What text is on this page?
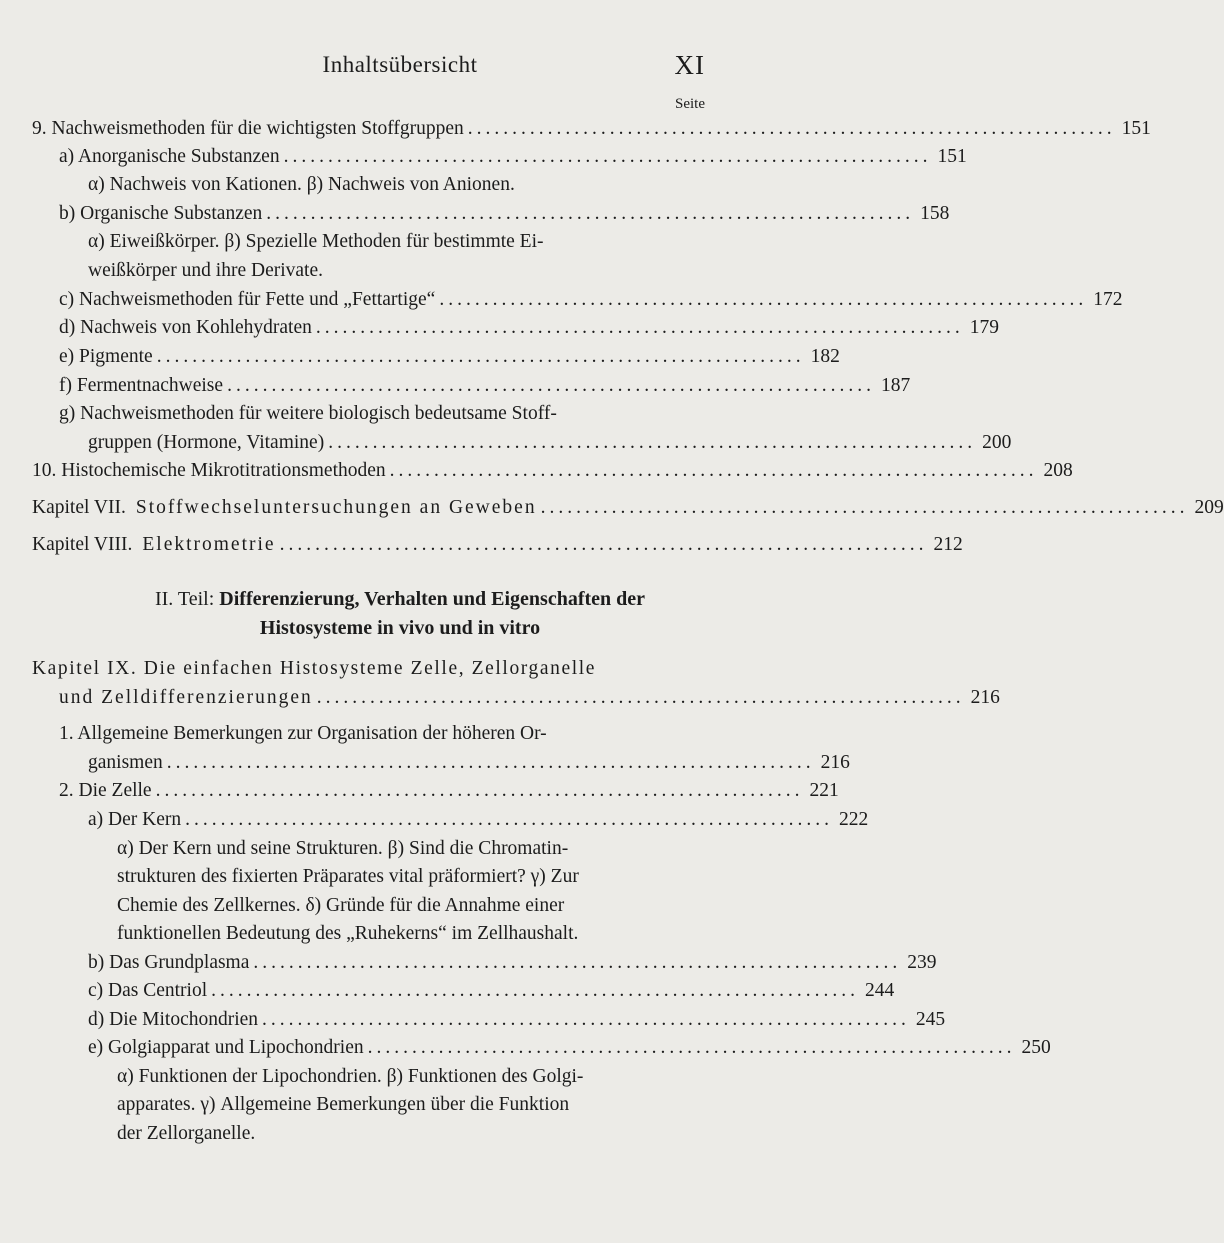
Inhaltsübersicht	XI
Seite
9. Nachweismethoden für die wichtigsten Stoffgruppen ......................................................................... 151
a) Anorganische Substanzen ......................................................................... 151
α) Nachweis von Kationen. β) Nachweis von Anionen.
b) Organische Substanzen ......................................................................... 158
α) Eiweißkörper. β) Spezielle Methoden für bestimmte Ei-
weißkörper und ihre Derivate.
c) Nachweismethoden für Fette und „Fettartige“ ......................................................................... 172
d) Nachweis von Kohlehydraten ......................................................................... 179
e) Pigmente ......................................................................... 182
f) Fermentnachweise ......................................................................... 187
g) Nachweismethoden für weitere biologisch bedeutsame Stoff-
gruppen (Hormone, Vitamine) ......................................................................... 200
10. Histochemische Mikrotitrationsmethoden ......................................................................... 208
Kapitel VII. Stoffwechseluntersuchungen an Geweben ......................................................................... 209
Kapitel VIII. Elektrometrie ......................................................................... 212
II. Teil: Differenzierung, Verhalten und Eigenschaften der
Histosysteme in vivo und in vitro
Kapitel IX. Die einfachen Histosysteme Zelle, Zellorganelle
und Zelldifferenzierungen ......................................................................... 216
1. Allgemeine Bemerkungen zur Organisation der höheren Or-
ganismen ......................................................................... 216
2. Die Zelle ......................................................................... 221
a) Der Kern ......................................................................... 222
α) Der Kern und seine Strukturen. β) Sind die Chromatin-
strukturen des fixierten Präparates vital präformiert? γ) Zur
Chemie des Zellkernes. δ) Gründe für die Annahme einer
funktionellen Bedeutung des „Ruhekerns“ im Zellhaushalt.
b) Das Grundplasma ......................................................................... 239
c) Das Centriol ......................................................................... 244
d) Die Mitochondrien ......................................................................... 245
e) Golgiapparat und Lipochondrien ......................................................................... 250
α) Funktionen der Lipochondrien. β) Funktionen des Golgi-
apparates. γ) Allgemeine Bemerkungen über die Funktion
der Zellorganelle.
